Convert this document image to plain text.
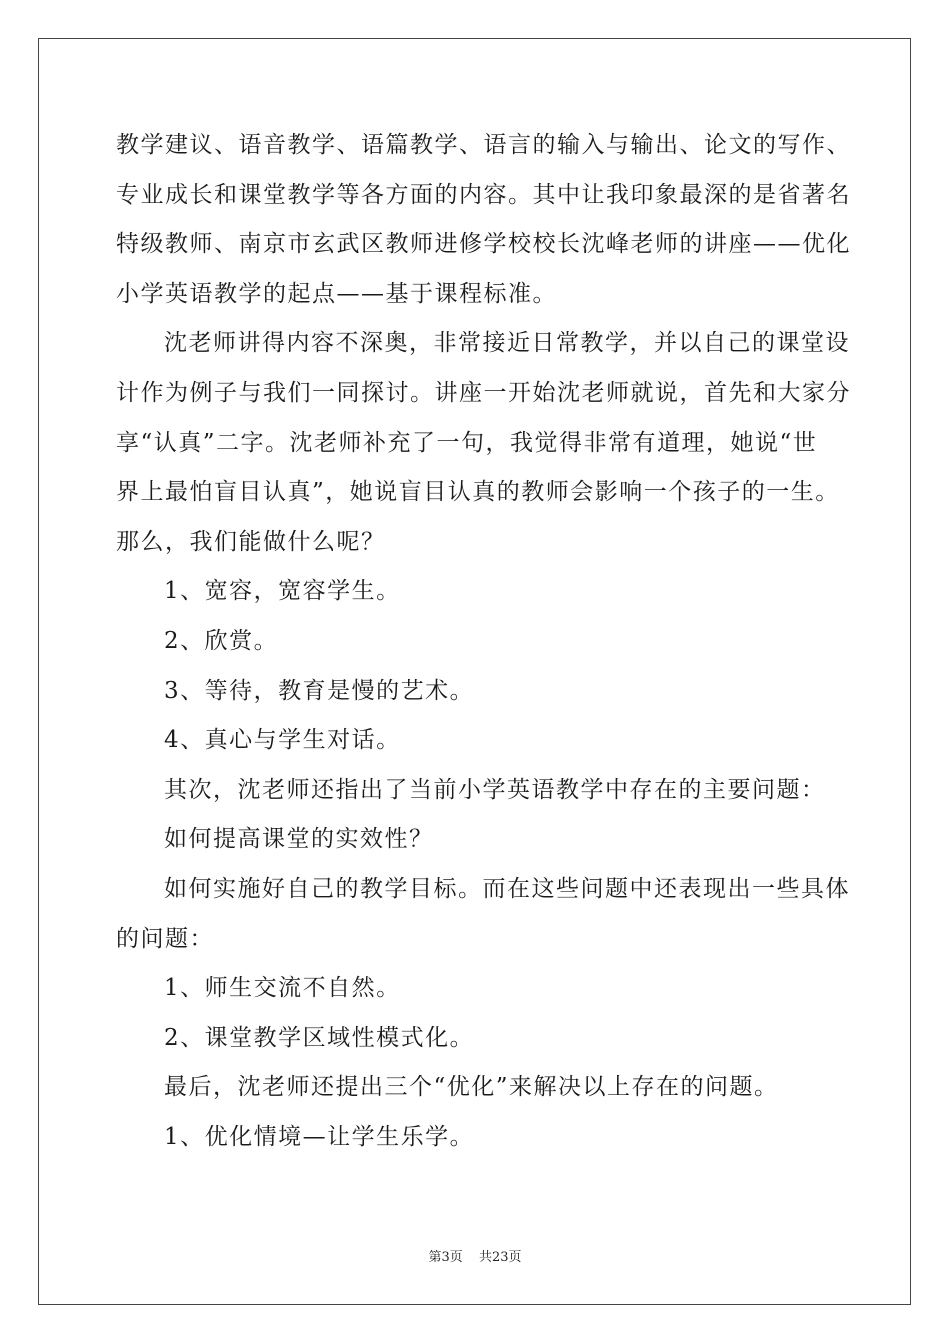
教学建议、语音教学、语篇教学、语言的输入与输出、论文的写作、
专业成长和课堂教学等各方面的内容。其中让我印象最深的是省著名
特级教师、南京市玄武区教师进修学校校长沈峰老师的讲座——优化
小学英语教学的起点——基于课程标准。
沈老师讲得内容不深奥，非常接近日常教学，并以自己的课堂设
计作为例子与我们一同探讨。讲座一开始沈老师就说，首先和大家分
享“认真”二字。沈老师补充了一句，我觉得非常有道理，她说“世
界上最怕盲目认真”，她说盲目认真的教师会影响一个孩子的一生。
那么，我们能做什么呢？
1、宽容，宽容学生。
2、欣赏。
3、等待，教育是慢的艺术。
4、真心与学生对话。
其次，沈老师还指出了当前小学英语教学中存在的主要问题：
如何提高课堂的实效性？
如何实施好自己的教学目标。而在这些问题中还表现出一些具体
的问题：
1、师生交流不自然。
2、课堂教学区域性模式化。
最后，沈老师还提出三个“优化”来解决以上存在的问题。
1、优化情境—让学生乐学。
第3页 共23页
